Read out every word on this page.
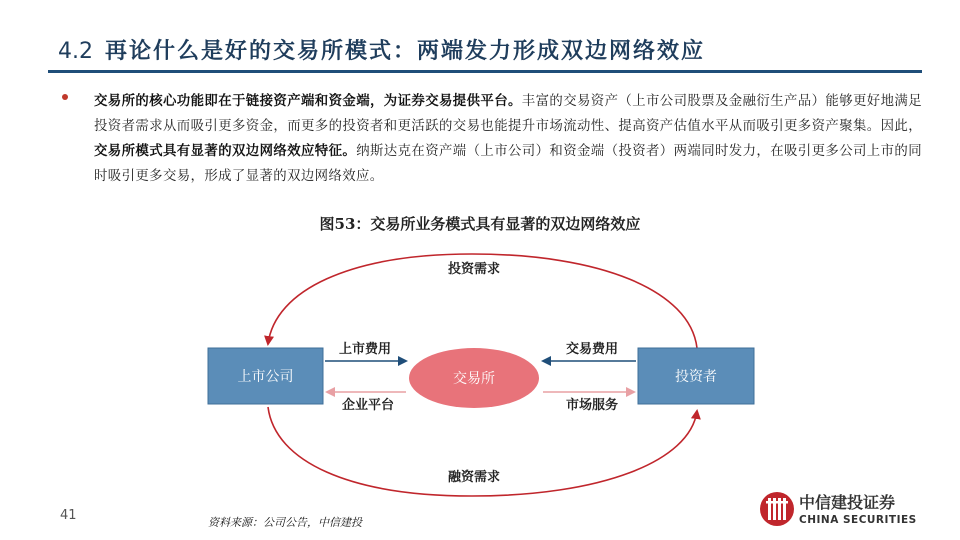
4.2 再论什么是好的交易所模式：两端发力形成双边网络效应
交易所的核心功能即在于链接资产端和资金端，为证券交易提供平台。丰富的交易资产（上市公司股票及金融衍生产品）能够更好地满足投资者需求从而吸引更多资金，而更多的投资者和更活跃的交易也能提升市场流动性、提高资产估值水平从而吸引更多资产聚集。因此，交易所模式具有显著的双边网络效应特征。纳斯达克在资产端（上市公司）和资金端（投资者）两端同时发力，在吸引更多公司上市的同时吸引更多交易，形成了显著的双边网络效应。
图53：交易所业务模式具有显著的双边网络效应
上市公司	投资者
交易所
投资需求
融资需求
上市费用
企业平台
交易费用
市场服务
41	资料来源：公司公告，中信建投
中信建投证券
CHINA SECURITIES
